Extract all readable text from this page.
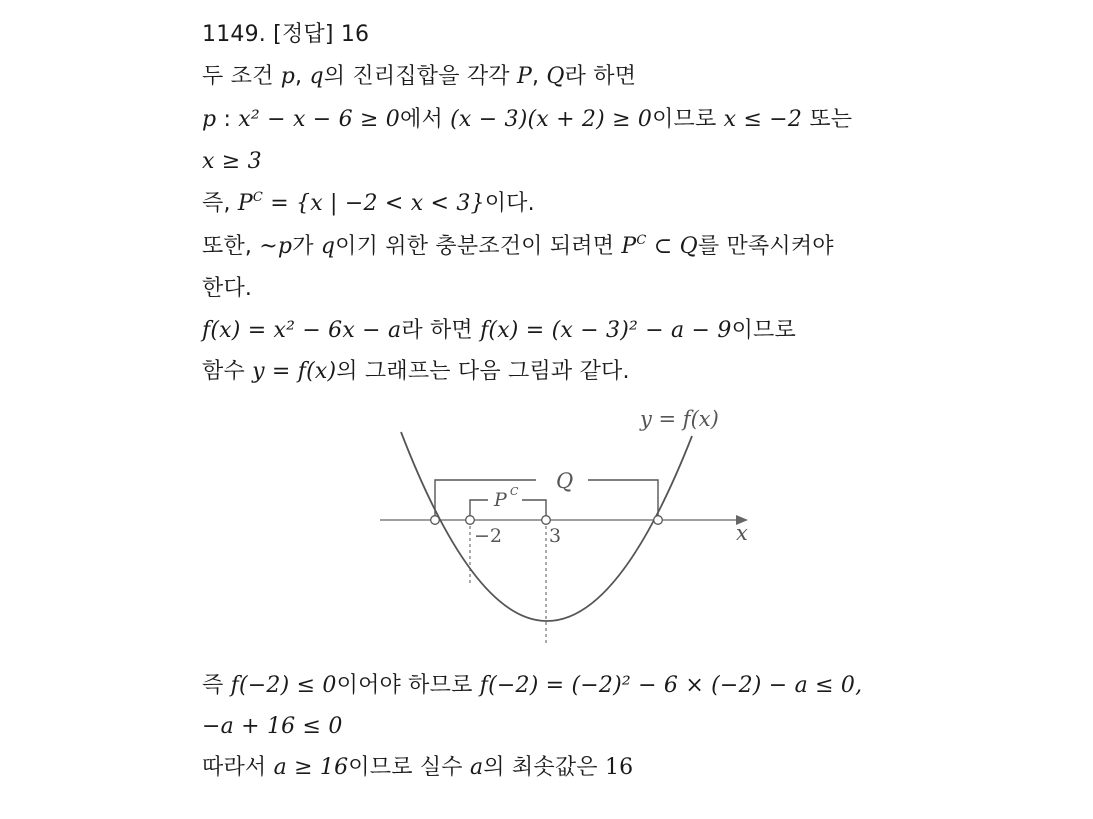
1149. [정답] 16
두 조건 p, q의 진리집합을 각각 P, Q라 하면
p : x² − x − 6 ≥ 0에서 (x − 3)(x + 2) ≥ 0이므로 x ≤ −2 또는
x ≥ 3
즉, $P^C = \{x$ | −2 < x < 3}이다.
또한, ~p가 q이기 위한 충분조건이 되려면 $P^C$ ⊂ Q를 만족시켜야
한다.
f(x) = x² − 6x − a라 하면 f(x) = (x − 3)² − a − 9이므로
함수 y = f(x)의 그래프는 다음 그림과 같다.
x
y = f(x)
Q
P C
−2 3
즉 f(−2) ≤ 0이어야 하므로 f(−2) = (−2)² − 6 × (−2) − a ≤ 0,
−a + 16 ≤ 0
따라서 a ≥ 16이므로 실수 a의 최솟값은 16
